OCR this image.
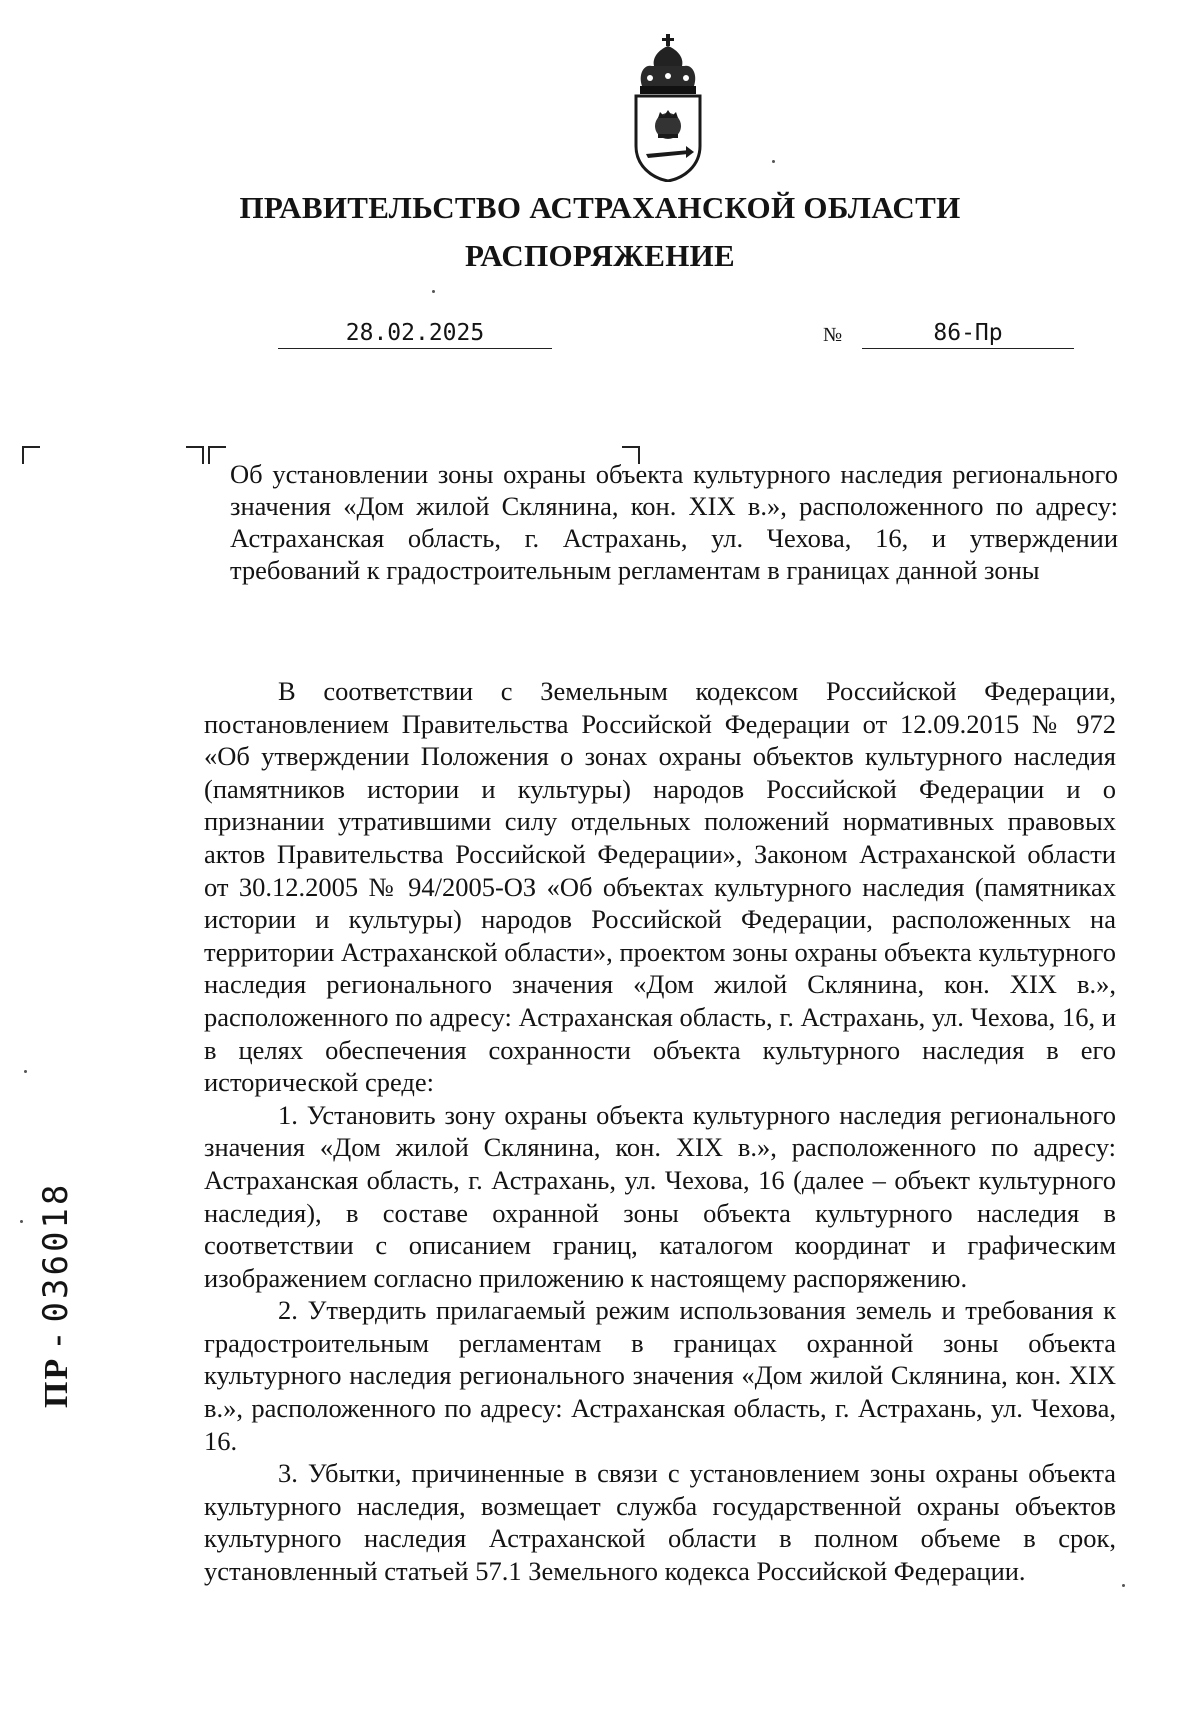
ПРАВИТЕЛЬСТВО АСТРАХАНСКОЙ ОБЛАСТИ
РАСПОРЯЖЕНИЕ
28.02.2025	№	86-Пр
Об установлении зоны охраны объекта культурного наследия регионального значения «Дом жилой Склянина, кон. XIX в.», расположенного по адресу: Астраханская область, г. Астрахань, ул. Чехова, 16, и утверждении требований к градостроительным регламентам в границах данной зоны

В соответствии с Земельным кодексом Российской Федерации, постановлением Правительства Российской Федерации от 12.09.2015 № 972 «Об утверждении Положения о зонах охраны объектов культурного наследия (памятников истории и культуры) народов Российской Федерации и о признании утратившими силу отдельных положений нормативных правовых актов Правительства Российской Федерации», Законом Астраханской области от 30.12.2005 № 94/2005-ОЗ «Об объектах культурного наследия (памятниках истории и культуры) народов Российской Федерации, расположенных на территории Астраханской области», проектом зоны охраны объекта культурного наследия регионального значения «Дом жилой Склянина, кон. XIX в.», расположенного по адресу: Астраханская область, г. Астрахань, ул. Чехова, 16, и в целях обеспечения сохранности объекта культурного наследия в его исторической среде:

1. Установить зону охраны объекта культурного наследия регионального значения «Дом жилой Склянина, кон. XIX в.», расположенного по адресу: Астраханская область, г. Астрахань, ул. Чехова, 16 (далее – объект культурного наследия), в составе охранной зоны объекта культурного наследия в соответствии с описанием границ, каталогом координат и графическим изображением согласно приложению к настоящему распоряжению.

2. Утвердить прилагаемый режим использования земель и требования к градостроительным регламентам в границах охранной зоны объекта культурного наследия регионального значения «Дом жилой Склянина, кон. XIX в.», расположенного по адресу: Астраханская область, г. Астрахань, ул. Чехова, 16.

3. Убытки, причиненные в связи с установлением зоны охраны объекта культурного наследия, возмещает служба государственной охраны объектов культурного наследия Астраханской области в полном объеме в срок, установленный статьей 57.1 Земельного кодекса Российской Федерации.

ПР - 036018
